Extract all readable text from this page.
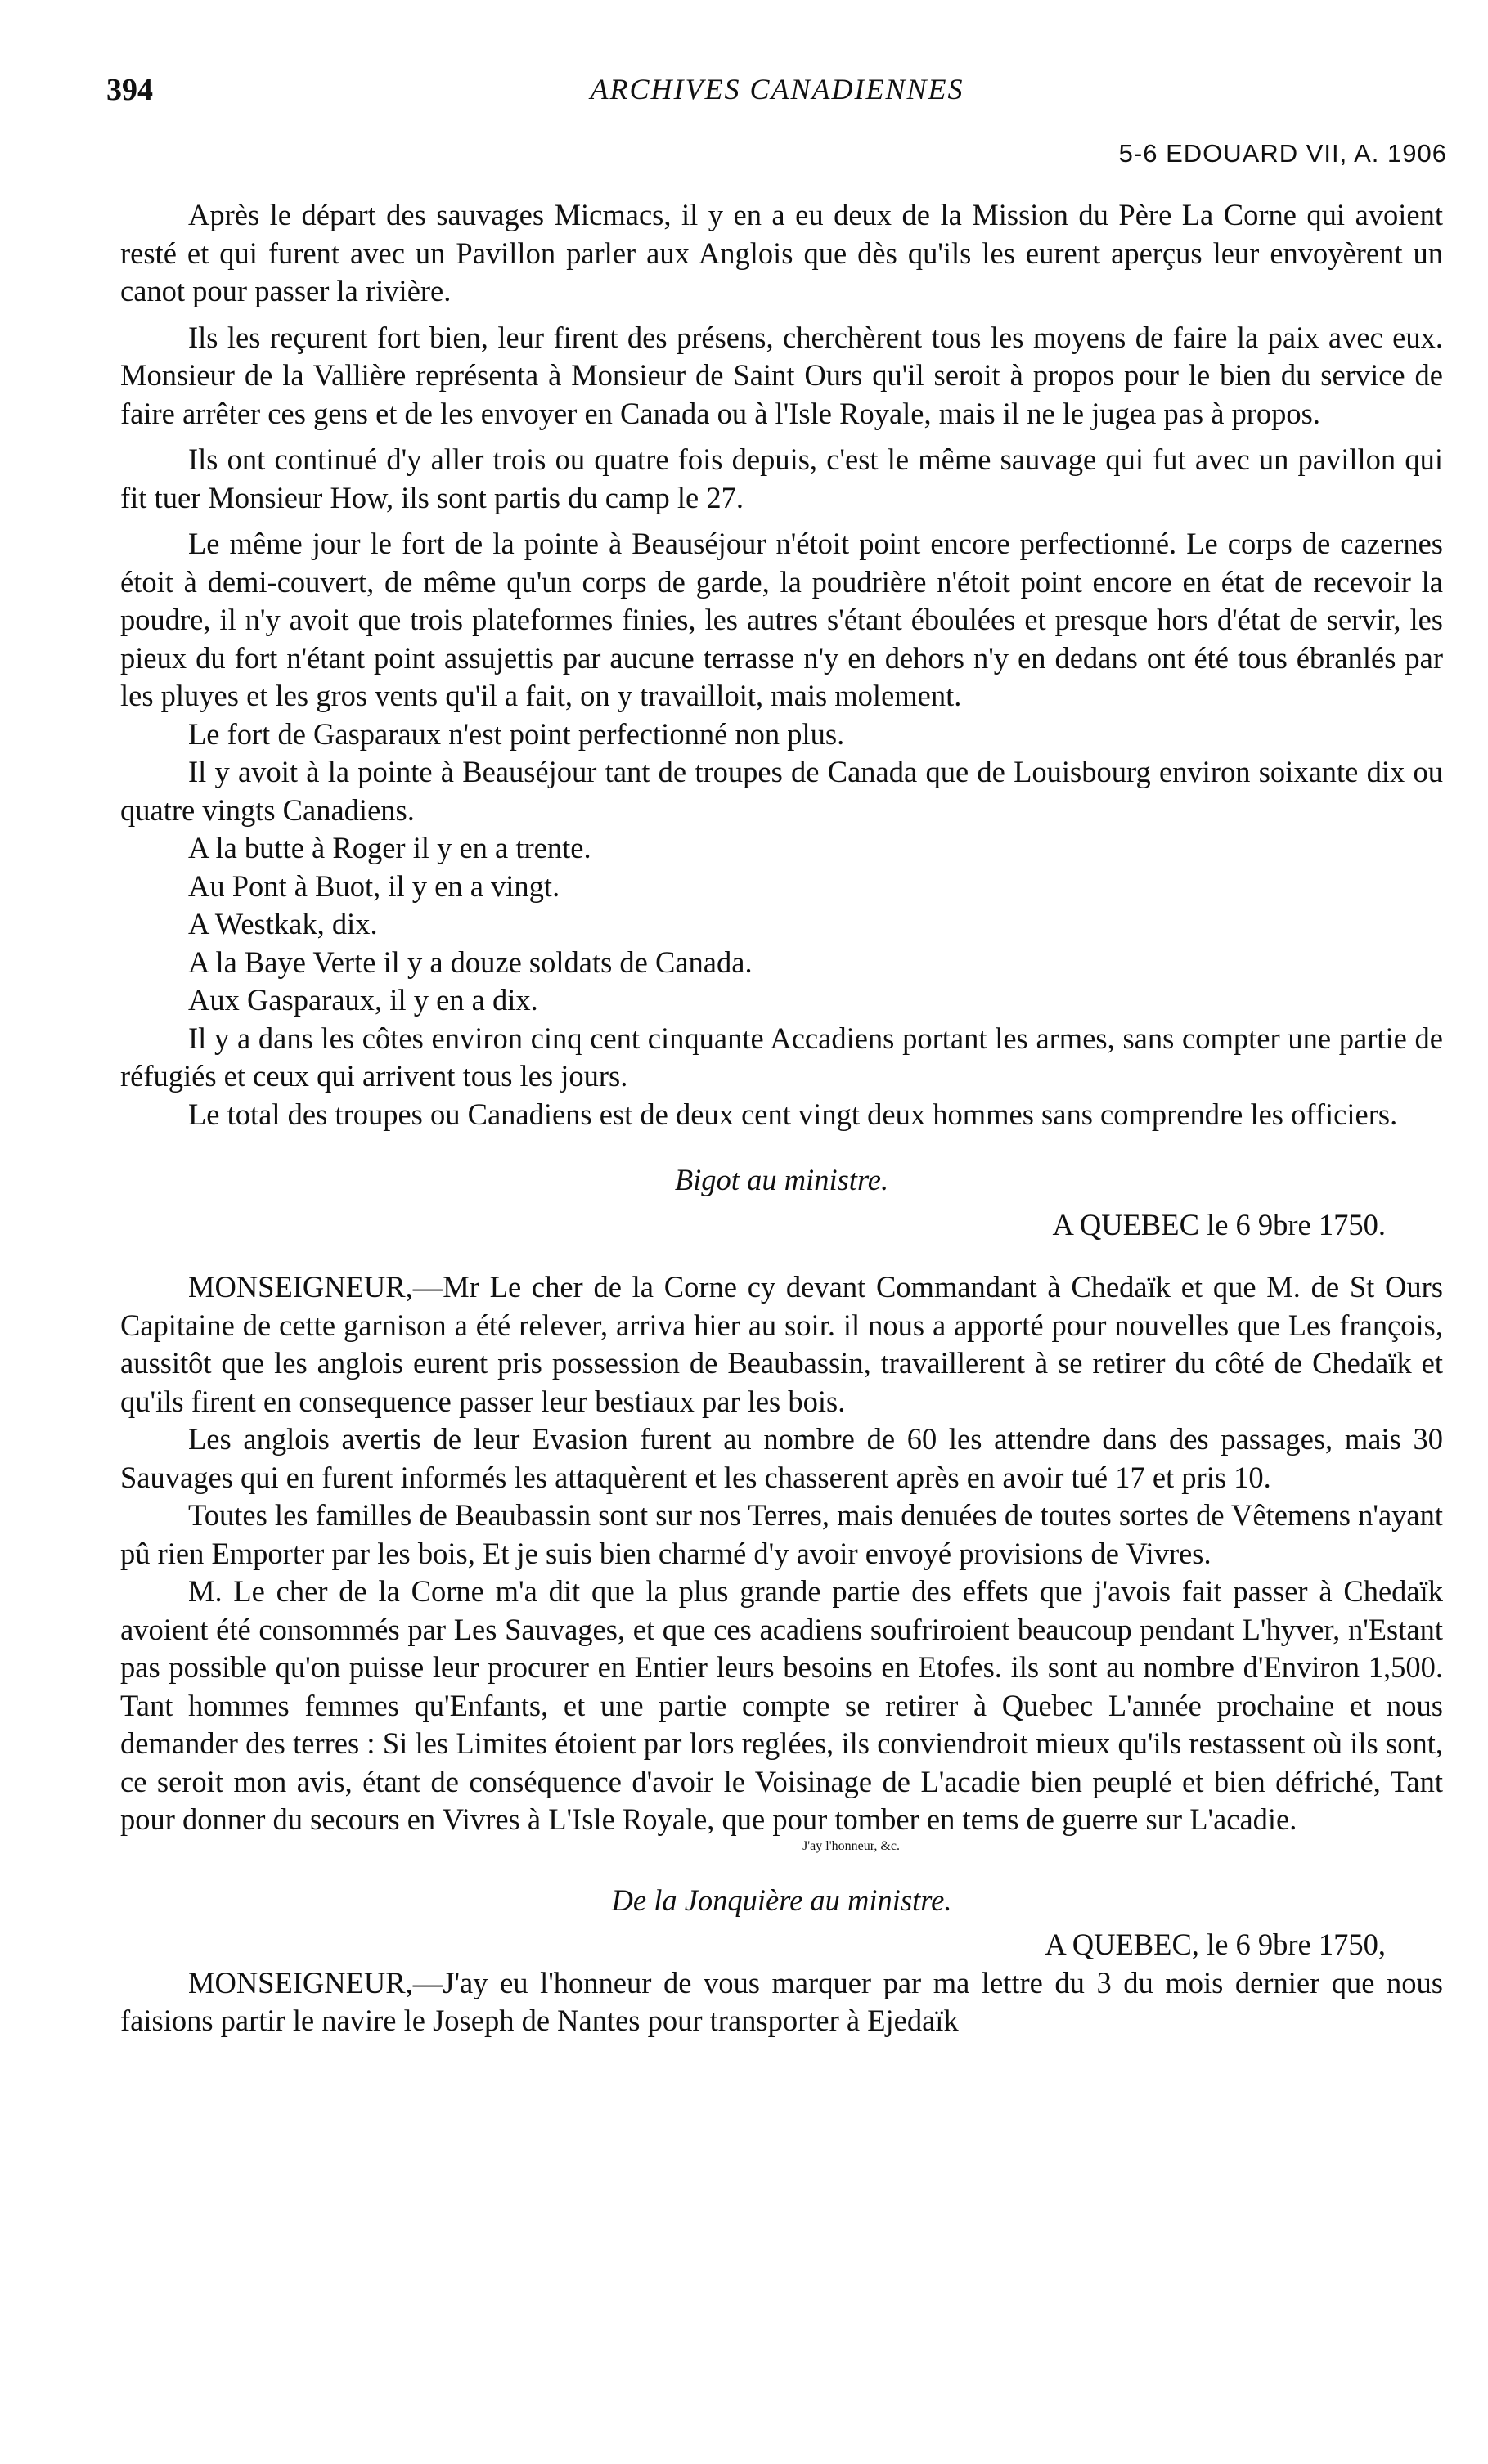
394	ARCHIVES CANADIENNES
5-6 EDOUARD VII, A. 1906

Après le départ des sauvages Micmacs, il y en a eu deux de la Mission du Père La Corne qui avoient resté et qui furent avec un Pavillon parler aux Anglois que dès qu'ils les eurent aperçus leur envoyèrent un canot pour passer la rivière.

Ils les reçurent fort bien, leur firent des présens, cherchèrent tous les moyens de faire la paix avec eux. Monsieur de la Vallière représenta à Monsieur de Saint Ours qu'il seroit à propos pour le bien du service de faire arrêter ces gens et de les envoyer en Canada ou à l'Isle Royale, mais il ne le jugea pas à propos.

Ils ont continué d'y aller trois ou quatre fois depuis, c'est le même sauvage qui fut avec un pavillon qui fit tuer Monsieur How, ils sont partis du camp le 27.

Le même jour le fort de la pointe à Beauséjour n'étoit point encore perfectionné. Le corps de cazernes étoit à demi-couvert, de même qu'un corps de garde, la poudrière n'étoit point encore en état de recevoir la poudre, il n'y avoit que trois plateformes finies, les autres s'étant éboulées et presque hors d'état de servir, les pieux du fort n'étant point assujettis par aucune terrasse n'y en dehors n'y en dedans ont été tous ébranlés par les pluyes et les gros vents qu'il a fait, on y travailloit, mais molement.

Le fort de Gasparaux n'est point perfectionné non plus.

Il y avoit à la pointe à Beauséjour tant de troupes de Canada que de Louisbourg environ soixante dix ou quatre vingts Canadiens.

A la butte à Roger il y en a trente.

Au Pont à Buot, il y en a vingt.

A Westkak, dix.

A la Baye Verte il y a douze soldats de Canada.

Aux Gasparaux, il y en a dix.

Il y a dans les côtes environ cinq cent cinquante Accadiens portant les armes, sans compter une partie de réfugiés et ceux qui arrivent tous les jours.

Le total des troupes ou Canadiens est de deux cent vingt deux hommes sans comprendre les officiers.

Bigot au ministre.
A QUEBEC le 6 9bre 1750.

MONSEIGNEUR,—Mr Le cher de la Corne cy devant Commandant à Chedaïk et que M. de St Ours Capitaine de cette garnison a été relever, arriva hier au soir. il nous a apporté pour nouvelles que Les françois, aussitôt que les anglois eurent pris possession de Beaubassin, travaillerent à se retirer du côté de Chedaïk et qu'ils firent en consequence passer leur bestiaux par les bois.

Les anglois avertis de leur Evasion furent au nombre de 60 les attendre dans des passages, mais 30 Sauvages qui en furent informés les attaquèrent et les chasserent après en avoir tué 17 et pris 10.

Toutes les familles de Beaubassin sont sur nos Terres, mais denuées de toutes sortes de Vêtemens n'ayant pû rien Emporter par les bois, Et je suis bien charmé d'y avoir envoyé provisions de Vivres.

M. Le cher de la Corne m'a dit que la plus grande partie des effets que j'avois fait passer à Chedaïk avoient été consommés par Les Sauvages, et que ces acadiens soufriroient beaucoup pendant L'hyver, n'Estant pas possible qu'on puisse leur procurer en Entier leurs besoins en Etofes. ils sont au nombre d'Environ 1,500. Tant hommes femmes qu'Enfants, et une partie compte se retirer à Quebec L'année prochaine et nous demander des terres : Si les Limites étoient par lors reglées, ils conviendroit mieux qu'ils restassent où ils sont, ce seroit mon avis, étant de conséquence d'avoir le Voisinage de L'acadie bien peuplé et bien défriché, Tant pour donner du secours en Vivres à L'Isle Royale, que pour tomber en tems de guerre sur L'acadie.

J'ay l'honneur, &c.
De la Jonquière au ministre.
A QUEBEC, le 6 9bre 1750,

MONSEIGNEUR,—J'ay eu l'honneur de vous marquer par ma lettre du 3 du mois dernier que nous faisions partir le navire le Joseph de Nantes pour transporter à Ejedaïk
